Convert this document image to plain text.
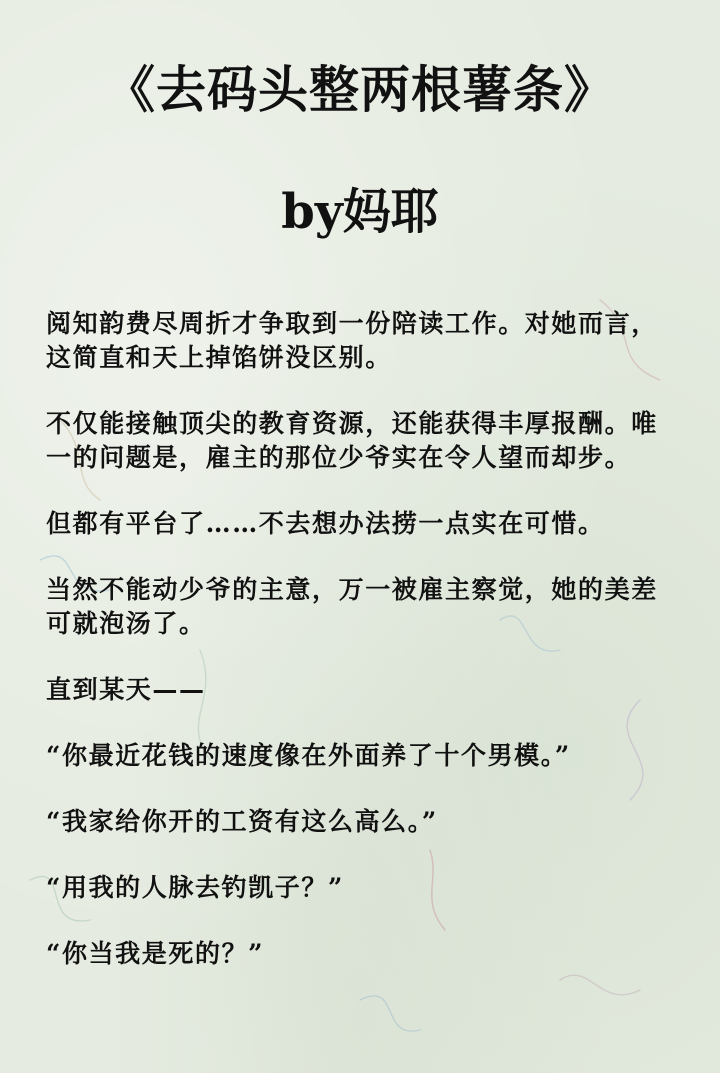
《去码头整两根薯条》
by妈耶

阅知韵费尽周折才争取到一份陪读工作。对她而言，这简直和天上掉馅饼没区别。

不仅能接触顶尖的教育资源，还能获得丰厚报酬。唯一的问题是，雇主的那位少爷实在令人望而却步。

但都有平台了……不去想办法捞一点实在可惜。

当然不能动少爷的主意，万一被雇主察觉，她的美差可就泡汤了。

直到某天——

“你最近花钱的速度像在外面养了十个男模。”

“我家给你开的工资有这么高么。”

“用我的人脉去钓凯子？”

“你当我是死的？”
